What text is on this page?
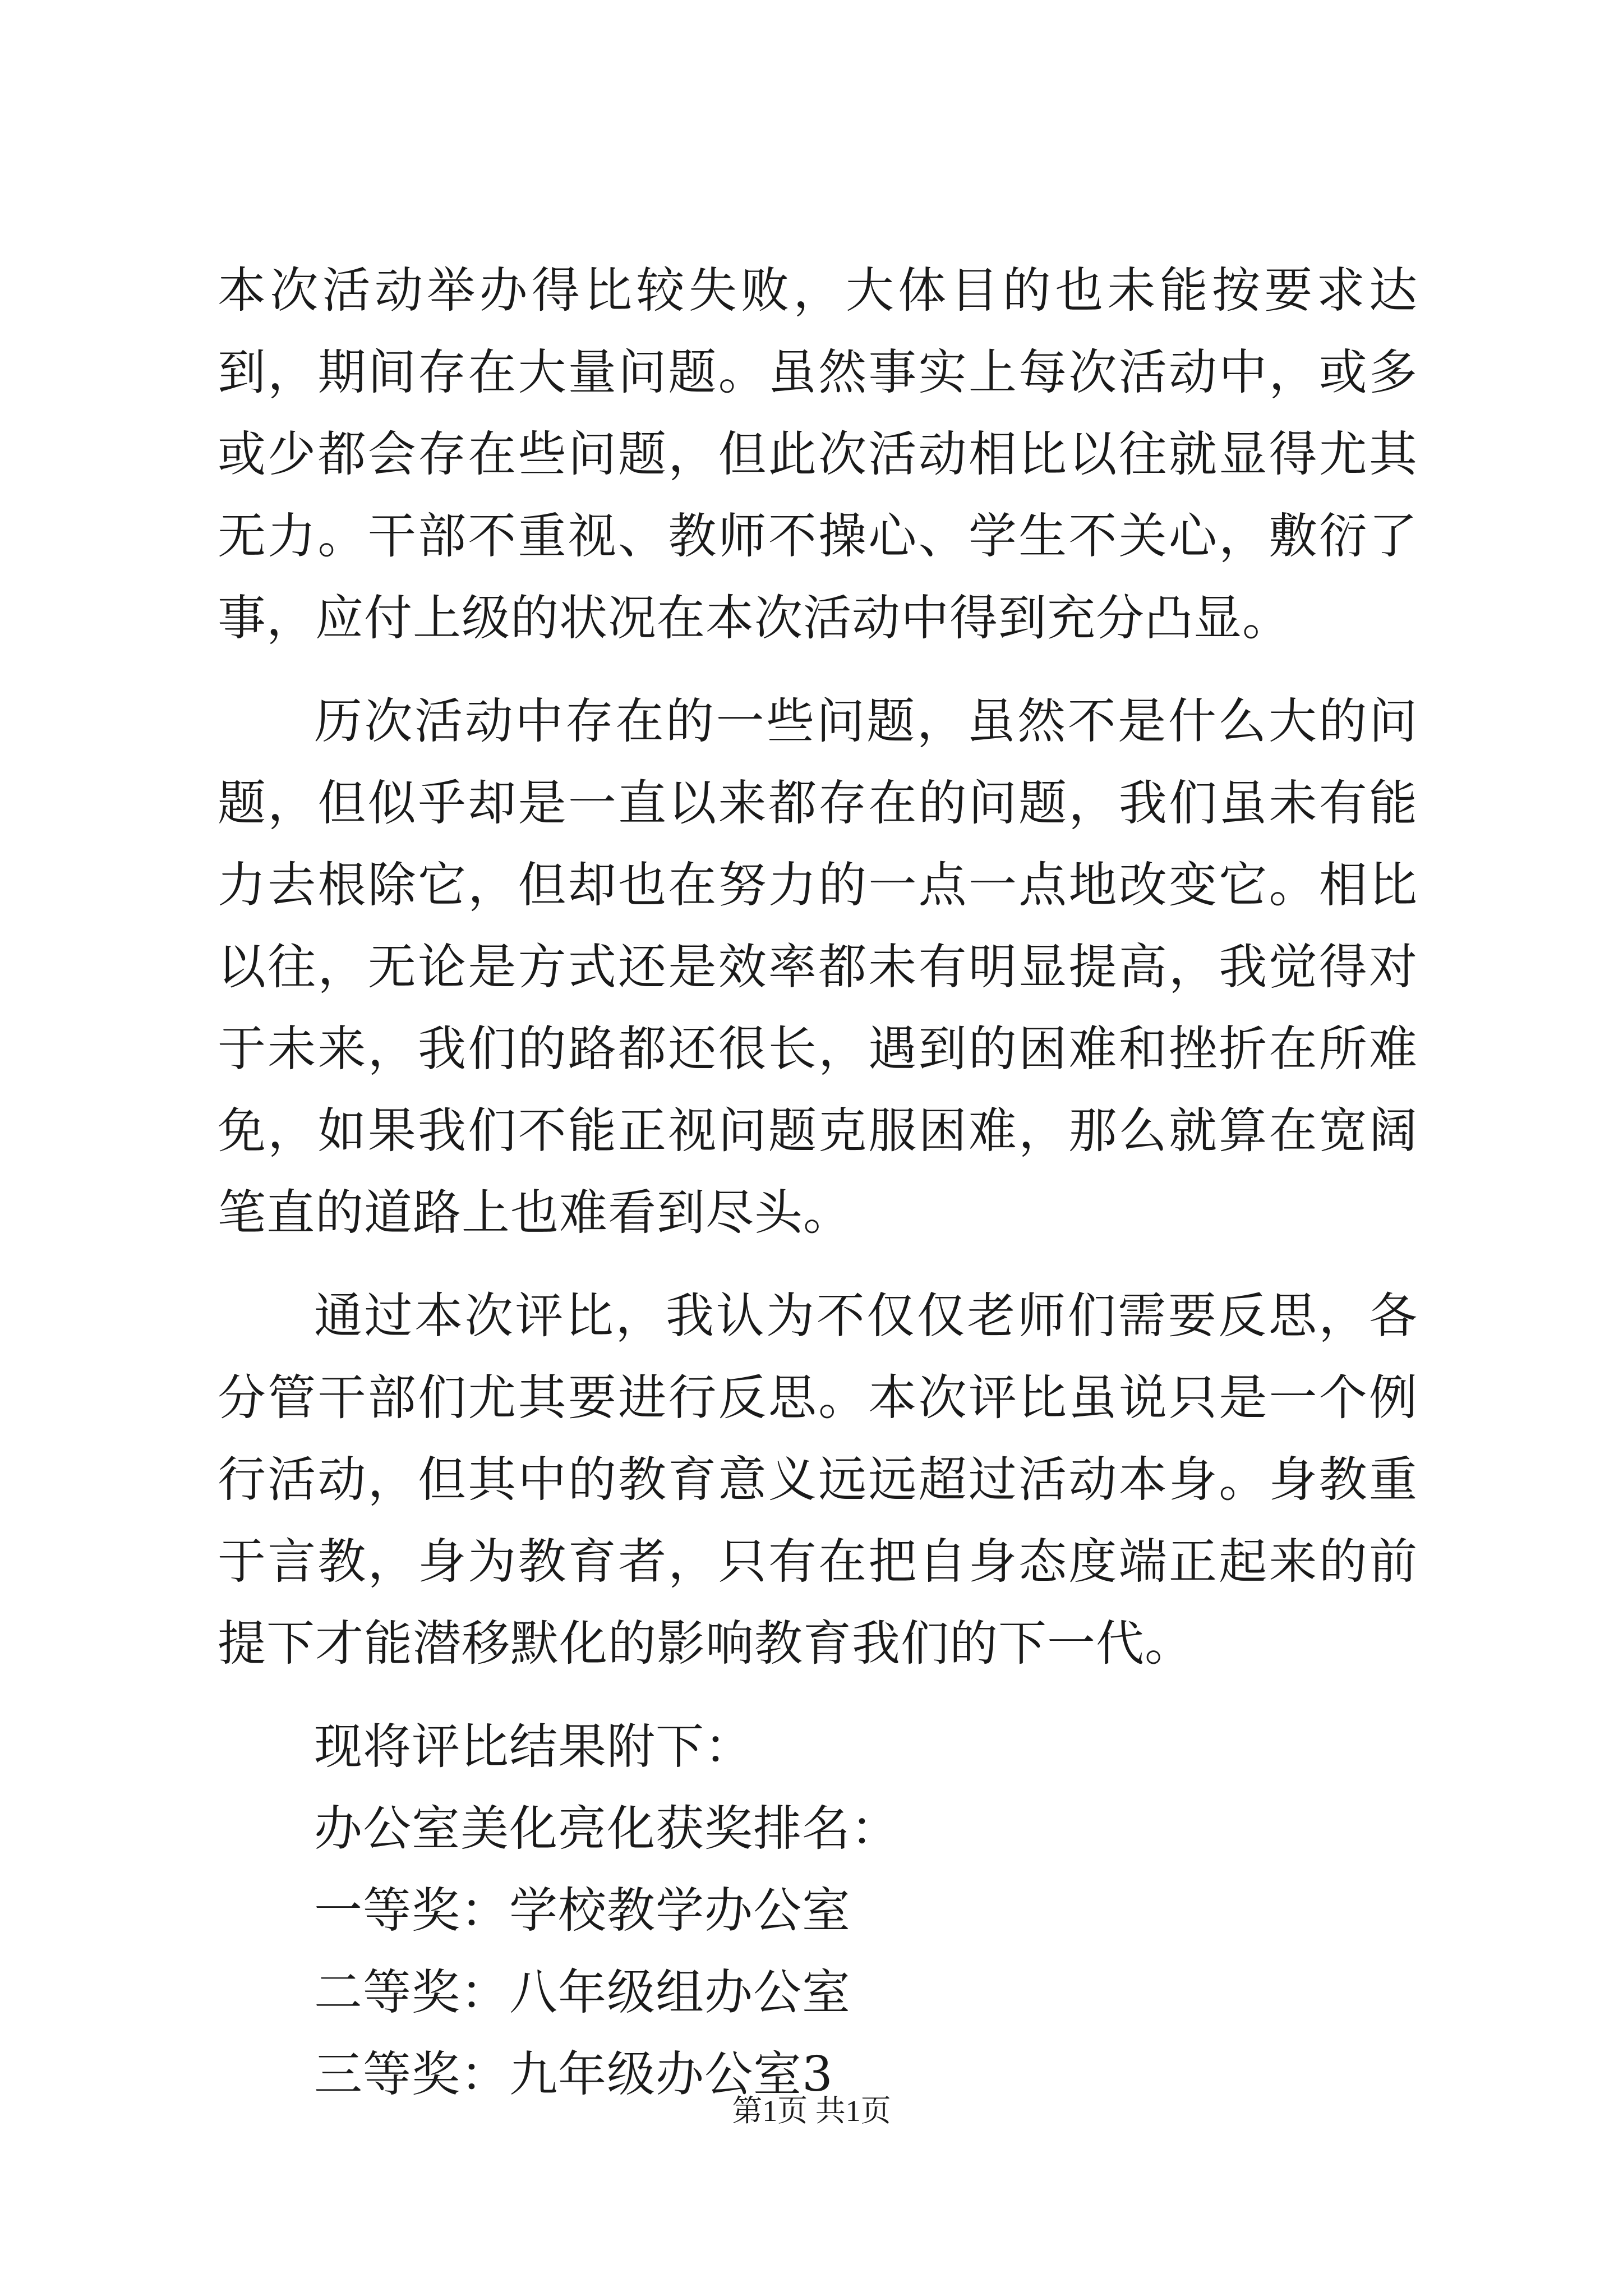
本次活动举办得比较失败，大体目的也未能按要求达到，期间存在大量问题。虽然事实上每次活动中，或多或少都会存在些问题，但此次活动相比以往就显得尤其无力。干部不重视、教师不操心、学生不关心，敷衍了事，应付上级的状况在本次活动中得到充分凸显。

历次活动中存在的一些问题，虽然不是什么大的问题，但似乎却是一直以来都存在的问题，我们虽未有能力去根除它，但却也在努力的一点一点地改变它。相比以往，无论是方式还是效率都未有明显提高，我觉得对于未来，我们的路都还很长，遇到的困难和挫折在所难免，如果我们不能正视问题克服困难，那么就算在宽阔笔直的道路上也难看到尽头。

通过本次评比，我认为不仅仅老师们需要反思，各分管干部们尤其要进行反思。本次评比虽说只是一个例行活动，但其中的教育意义远远超过活动本身。身教重于言教，身为教育者，只有在把自身态度端正起来的前提下才能潜移默化的影响教育我们的下一代。

现将评比结果附下：

办公室美化亮化获奖排名：

一等奖：学校教学办公室

二等奖：八年级组办公室

三等奖：九年级办公室3

第1页 共1页
